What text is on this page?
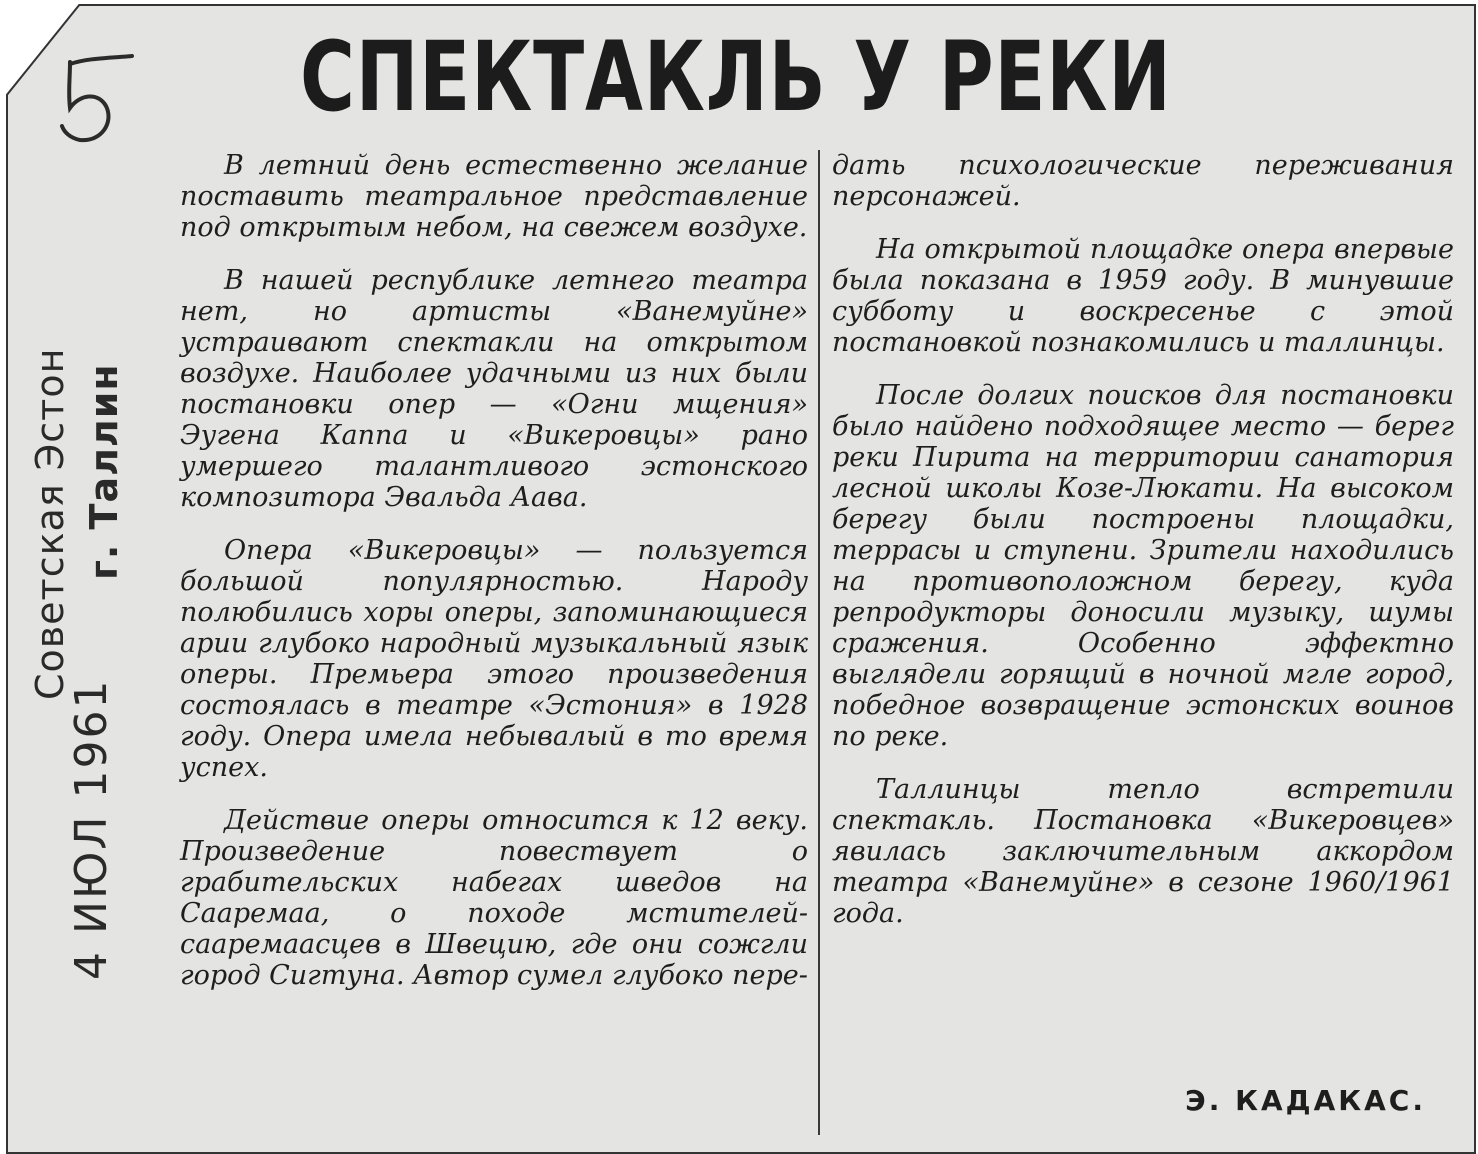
СПЕКТАКЛЬ У РЕКИ
Советская Эстон г. Таллин
4 ИЮЛ 1961

В летний день естественно желание поставить театральное представление под открытым небом, на свежем воздухе.

В нашей республике летнего театра нет, но артисты «Ванемуйне» устраивают спектакли на открытом воздухе. Наиболее удачными из них были постановки опер — «Огни мщения» Эугена Каппа и «Викеровцы» рано умершего талантливого эстонского композитора Эвальда Аава.

Опера «Викеровцы» — пользуется большой популярностью. Народу полюбились хоры оперы, запоминающиеся арии глубоко народный музыкальный язык оперы. Премьера этого произведения состоялась в театре «Эстония» в 1928 году. Опера имела небывалый в то время успех.

Действие оперы относится к 12 веку. Произведение повествует о грабительских набегах шведов на Сааремаа, о походе мстителей-сааремаасцев в Швецию, где они сожгли город Сигтуна. Автор сумел глубоко пере-

дать психологические переживания персонажей.

На открытой площадке опера впервые была показана в 1959 году. В минувшие субботу и воскресенье с этой постановкой познакомились и таллинцы.

После долгих поисков для постановки было найдено подходящее место — берег реки Пирита на территории санатория лесной школы Козе-Люкати. На высоком берегу были построены площадки, террасы и ступени. Зрители находились на противоположном берегу, куда репродукторы доносили музыку, шумы сражения. Особенно эффектно выглядели горящий в ночной мгле город, победное возвращение эстонских воинов по реке.

Таллинцы тепло встретили спектакль. Постановка «Викеровцев» явилась заключительным аккордом театра «Ванемуйне» в сезоне 1960/1961 года.

Э. КАДАКАС.
